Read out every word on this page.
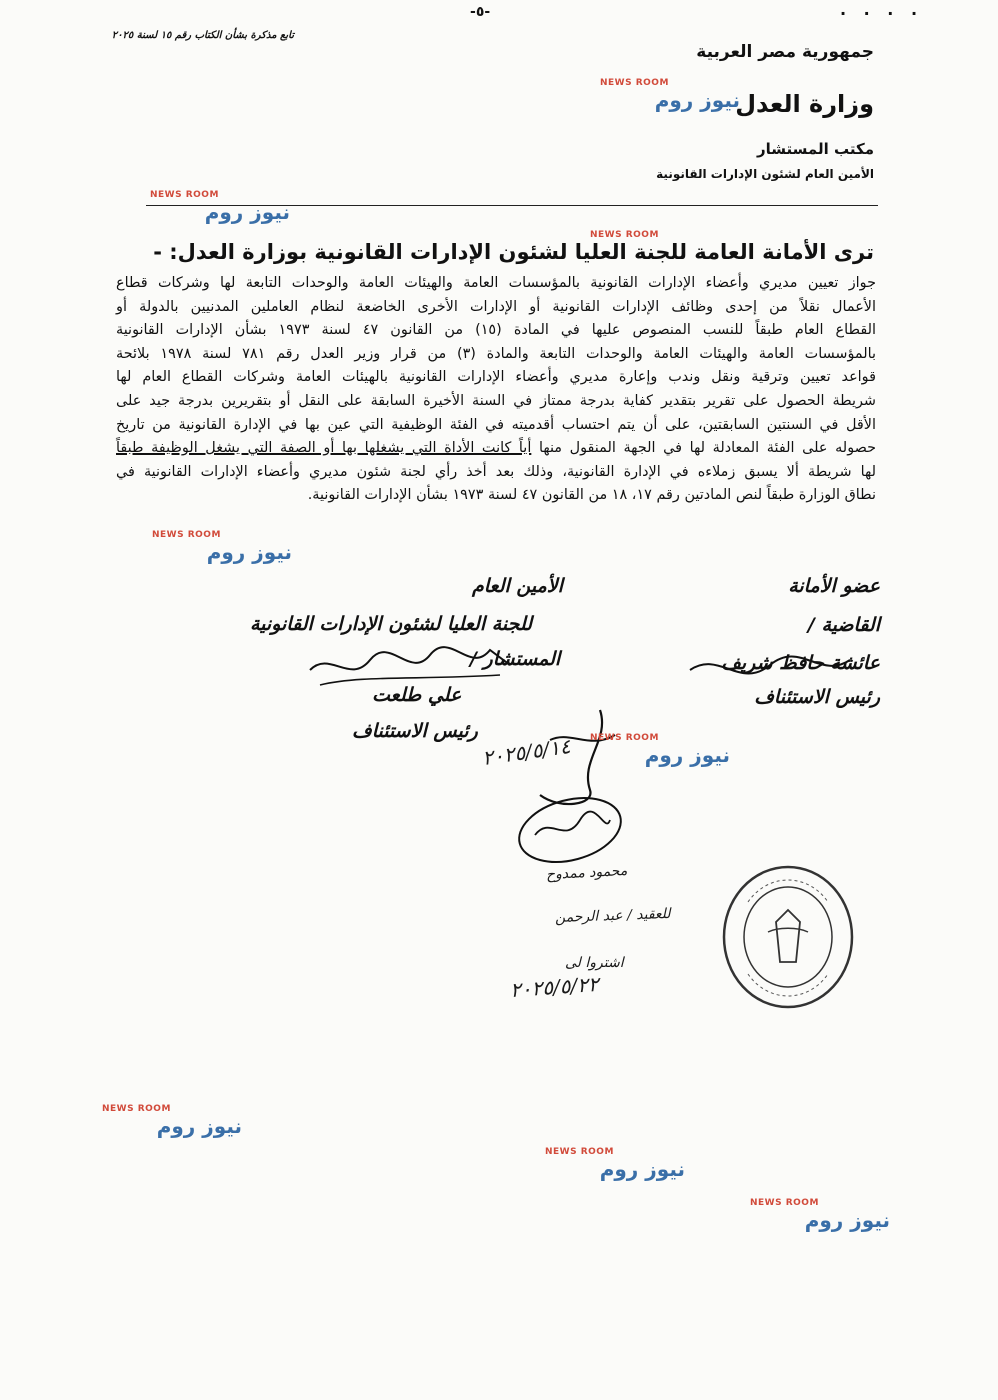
-٥-	. . . .
تابع مذكرة بشأن الكتاب رقم ١٥ لسنة ٢٠٢٥
جمهورية مصر العربية
وزارة العدل
مكتب المستشار
الأمين العام لشئون الإدارات القانونية
ترى الأمانة العامة للجنة العليا لشئون الإدارات القانونية بوزارة العدل: -
جواز تعيين مديري وأعضاء الإدارات القانونية بالمؤسسات العامة والهيئات العامة والوحدات التابعة لها وشركات قطاع
الأعمال نقلاً من إحدى وظائف الإدارات القانونية أو الإدارات الأخرى الخاضعة لنظام العاملين المدنيين بالدولة أو
القطاع العام طبقاً للنسب المنصوص عليها في المادة (١٥) من القانون ٤٧ لسنة ١٩٧٣ بشأن الإدارات القانونية
بالمؤسسات العامة والهيئات العامة والوحدات التابعة والمادة (٣) من قرار وزير العدل رقم ٧٨١ لسنة ١٩٧٨ بلائحة
قواعد تعيين وترقية ونقل وندب وإعارة مديري وأعضاء الإدارات القانونية بالهيئات العامة وشركات القطاع العام لها
شريطة الحصول على تقرير بتقدير كفاية بدرجة ممتاز في السنة الأخيرة السابقة على النقل أو بتقريرين بدرجة جيد على
الأقل في السنتين السابقتين، على أن يتم احتساب أقدميته في الفئة الوظيفية التي عين بها في الإدارة القانونية من تاريخ
حصوله على الفئة المعادلة لها في الجهة المنقول منها أياً كانت الأداة التي يشغلها بها أو الصفة التي يشغل الوظيفة طبقاً
لها شريطة ألا يسبق زملاءه في الإدارة القانونية، وذلك بعد أخذ رأي لجنة شئون مديري وأعضاء الإدارات القانونية في
نطاق الوزارة طبقاً لنص المادتين رقم ١٧، ١٨ من القانون ٤٧ لسنة ١٩٧٣ بشأن الإدارات القانونية.
عضو الأمانة
القاضية /
عائشة حافظ شريف
رئيس الاستئناف
الأمين العام
للجنة العليا لشئون الإدارات القانونية
المستشار /
علي طلعت
رئيس الاستئناف
٢٠٢٥/٥/١٤
محمود ممدوح
للعقيد / عبد الرحمن
اشتروا لى
٢٠٢٥/٥/٢٢
NEWS ROOM
نيوز روم
NEWS ROOM
نيوز روم
NEWS ROOM
NEWS ROOM
نيوز روم
NEWS ROOM
نيوز روم
NEWS ROOM
نيوز روم
NEWS ROOM
نيوز روم
NEWS ROOM
نيوز روم
